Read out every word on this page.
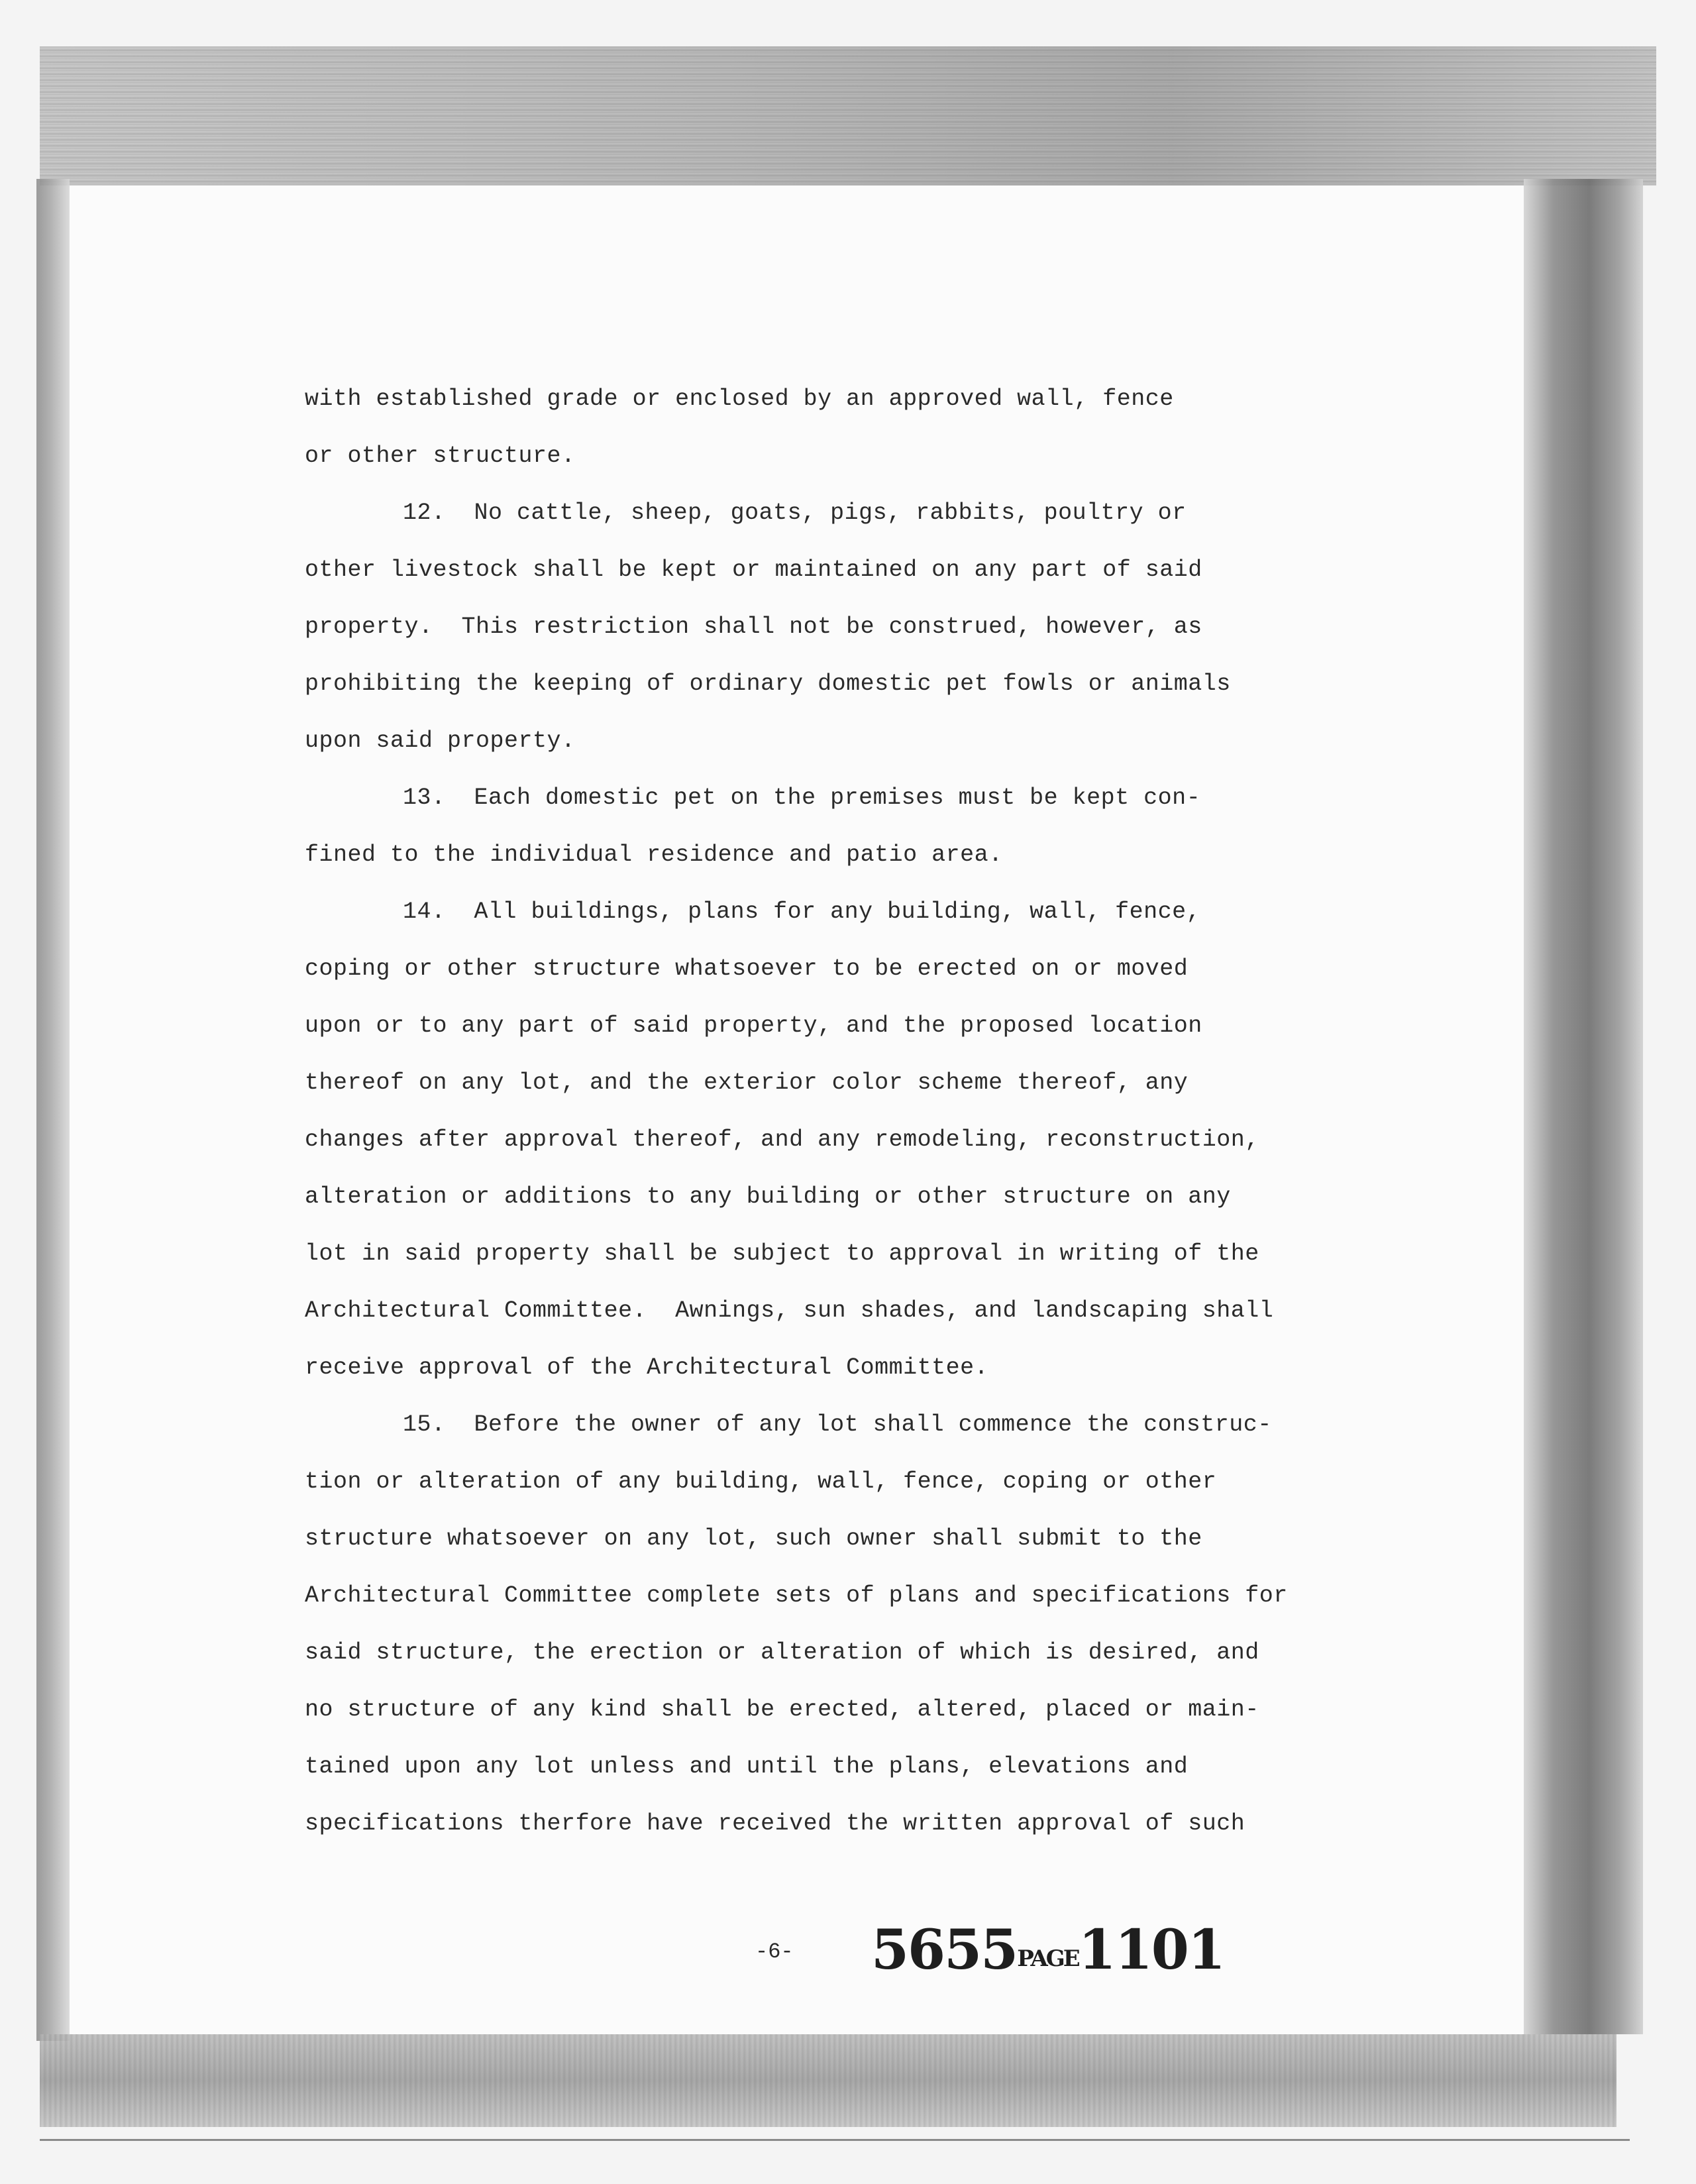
with established grade or enclosed by an approved wall, fence
or other structure.
12.  No cattle, sheep, goats, pigs, rabbits, poultry or
other livestock shall be kept or maintained on any part of said
property.  This restriction shall not be construed, however, as
prohibiting the keeping of ordinary domestic pet fowls or animals
upon said property.
13.  Each domestic pet on the premises must be kept con-
fined to the individual residence and patio area.
14.  All buildings, plans for any building, wall, fence,
coping or other structure whatsoever to be erected on or moved
upon or to any part of said property, and the proposed location
thereof on any lot, and the exterior color scheme thereof, any
changes after approval thereof, and any remodeling, reconstruction,
alteration or additions to any building or other structure on any
lot in said property shall be subject to approval in writing of the
Architectural Committee.  Awnings, sun shades, and landscaping shall
receive approval of the Architectural Committee.
15.  Before the owner of any lot shall commence the construc-
tion or alteration of any building, wall, fence, coping or other
structure whatsoever on any lot, such owner shall submit to the
Architectural Committee complete sets of plans and specifications for
said structure, the erection or alteration of which is desired, and
no structure of any kind shall be erected, altered, placed or main-
tained upon any lot unless and until the plans, elevations and
specifications therfore have received the written approval of such
-6- 5655PAGE1101
